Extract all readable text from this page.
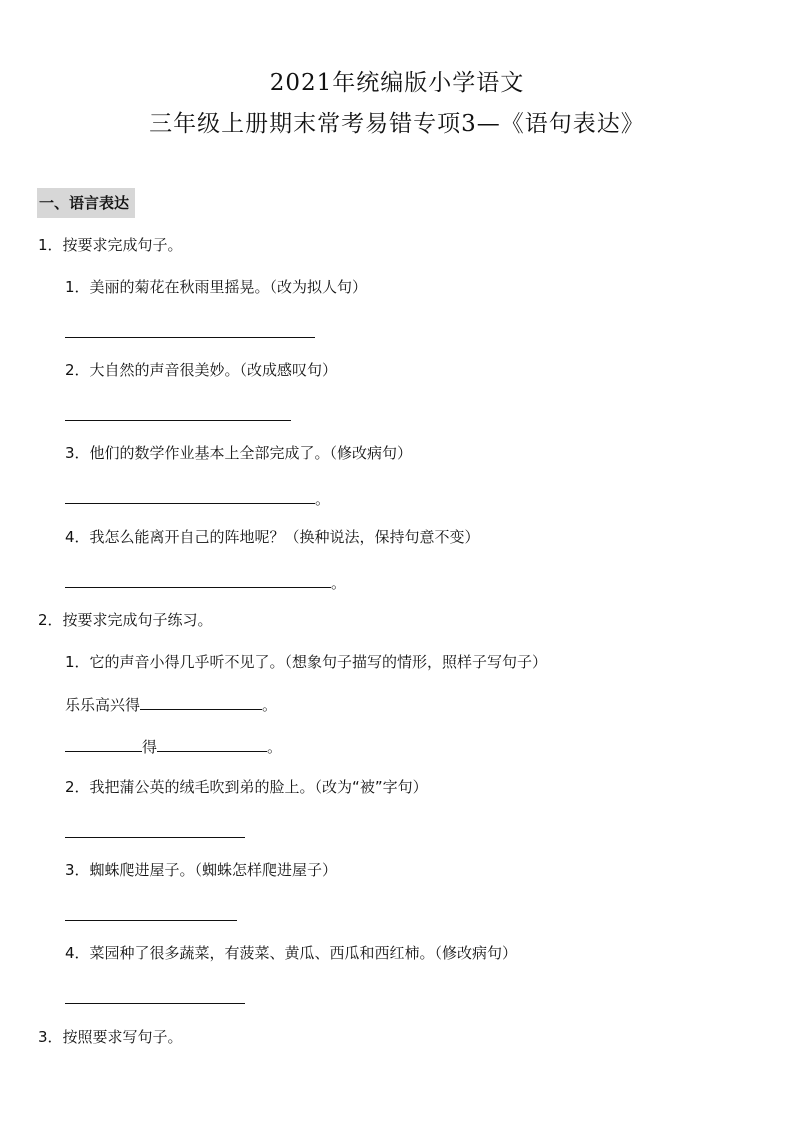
2021年统编版小学语文
三年级上册期末常考易错专项3—《语句表达》
一、语言表达
1．按要求完成句子。
1．美丽的菊花在秋雨里摇晃。（改为拟人句）
2．大自然的声音很美妙。（改成感叹句）
3．他们的数学作业基本上全部完成了。（修改病句）
。
4．我怎么能离开自己的阵地呢？（换种说法，保持句意不变）
。
2．按要求完成句子练习。
1．它的声音小得几乎听不见了。（想象句子描写的情形，照样子写句子）
乐乐高兴得	。
得	。
2．我把蒲公英的绒毛吹到弟的脸上。（改为“被”字句）
3．蜘蛛爬进屋子。（蜘蛛怎样爬进屋子）
4．菜园种了很多蔬菜，有菠菜、黄瓜、西瓜和西红柿。（修改病句）
3．按照要求写句子。
